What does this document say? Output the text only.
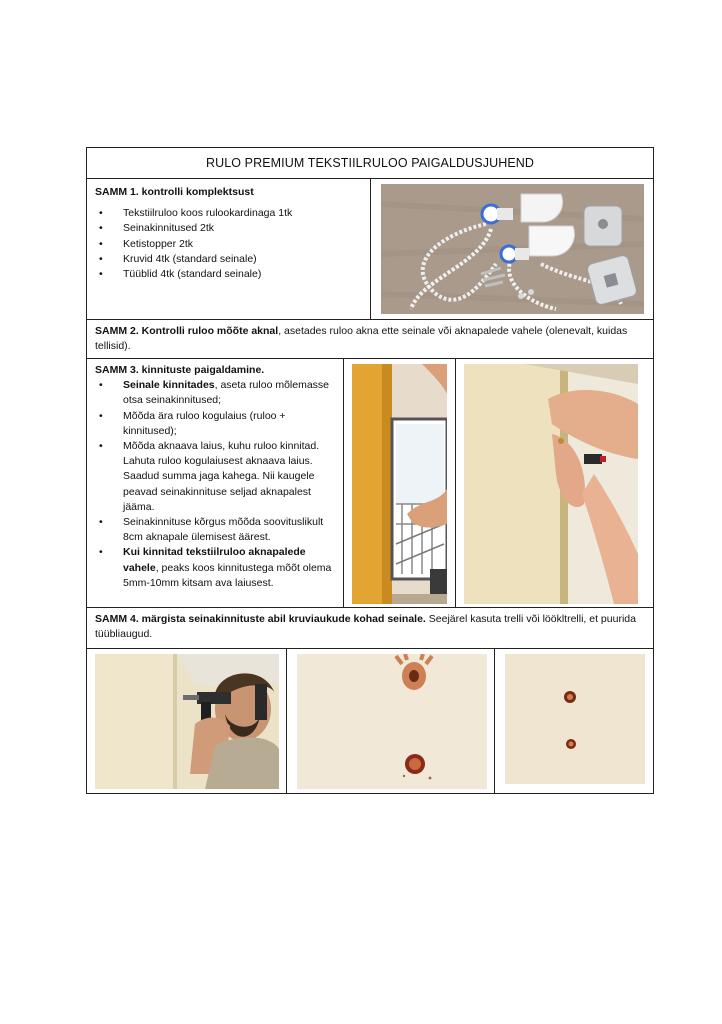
RULO PREMIUM TEKSTIILRULOO PAIGALDUSJUHEND
SAMM 1. kontrolli komplektsust
• Tekstiilruloo koos rulookardinaga 1tk
• Seinakinnitused 2tk
• Ketistopper 2tk
• Kruvid 4tk (standard seinale)
• Tüüblid 4tk (standard seinale)
SAMM 2. Kontrolli ruloo mõõte aknal, asetades ruloo akna ette seinale või aknapalede vahele (olenevalt, kuidas tellisid).
SAMM 3. kinnituste paigaldamine.
• Seinale kinnitades, aseta ruloo mõlemasse otsa seinakinnitused;
• Mõõda ära ruloo kogulaius (ruloo + kinnitused);
• Mõõda aknaava laius, kuhu ruloo kinnitad. Lahuta ruloo kogulaiusest aknaava laius. Saadud summa jaga kahega. Nii kaugele peavad seinakinnituse seljad aknapalest jääma.
• Seinakinnituse kõrgus mõõda soovituslikult 8cm aknapale ülemisest äärest.
• Kui kinnitad tekstiilruloo aknapalede vahele, peaks koos kinnitustega mõõt olema 5mm-10mm kitsam ava laiusest.
SAMM 4. märgista seinakinnituste abil kruviaukude kohad seinale. Seejärel kasuta trelli või löökltrelli, et puurida tüübliaugud.
